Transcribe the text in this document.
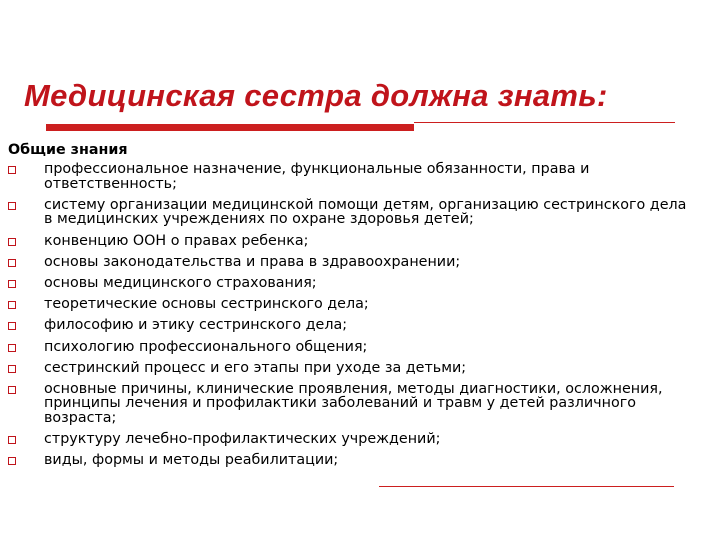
Медицинская сестра должна знать:
Общие знания
профессиональное назначение, функциональные обязанности, права и ответственность;
систему организации медицинской помощи детям, организацию сестринского дела в медицинских учреждениях по охране здоровья детей;
конвенцию ООН о правах ребенка;
основы законодательства и права в здравоохранении;
основы медицинского страхования;
теоретические основы сестринского дела;
философию и этику сестринского дела;
психологию профессионального общения;
сестринский процесс и его этапы при уходе за детьми;
основные причины, клинические проявления, методы диагностики, осложнения, принципы лечения и профилактики заболеваний и травм у детей различного возраста;
структуру лечебно-профилактических учреждений;
виды, формы и методы реабилитации;
